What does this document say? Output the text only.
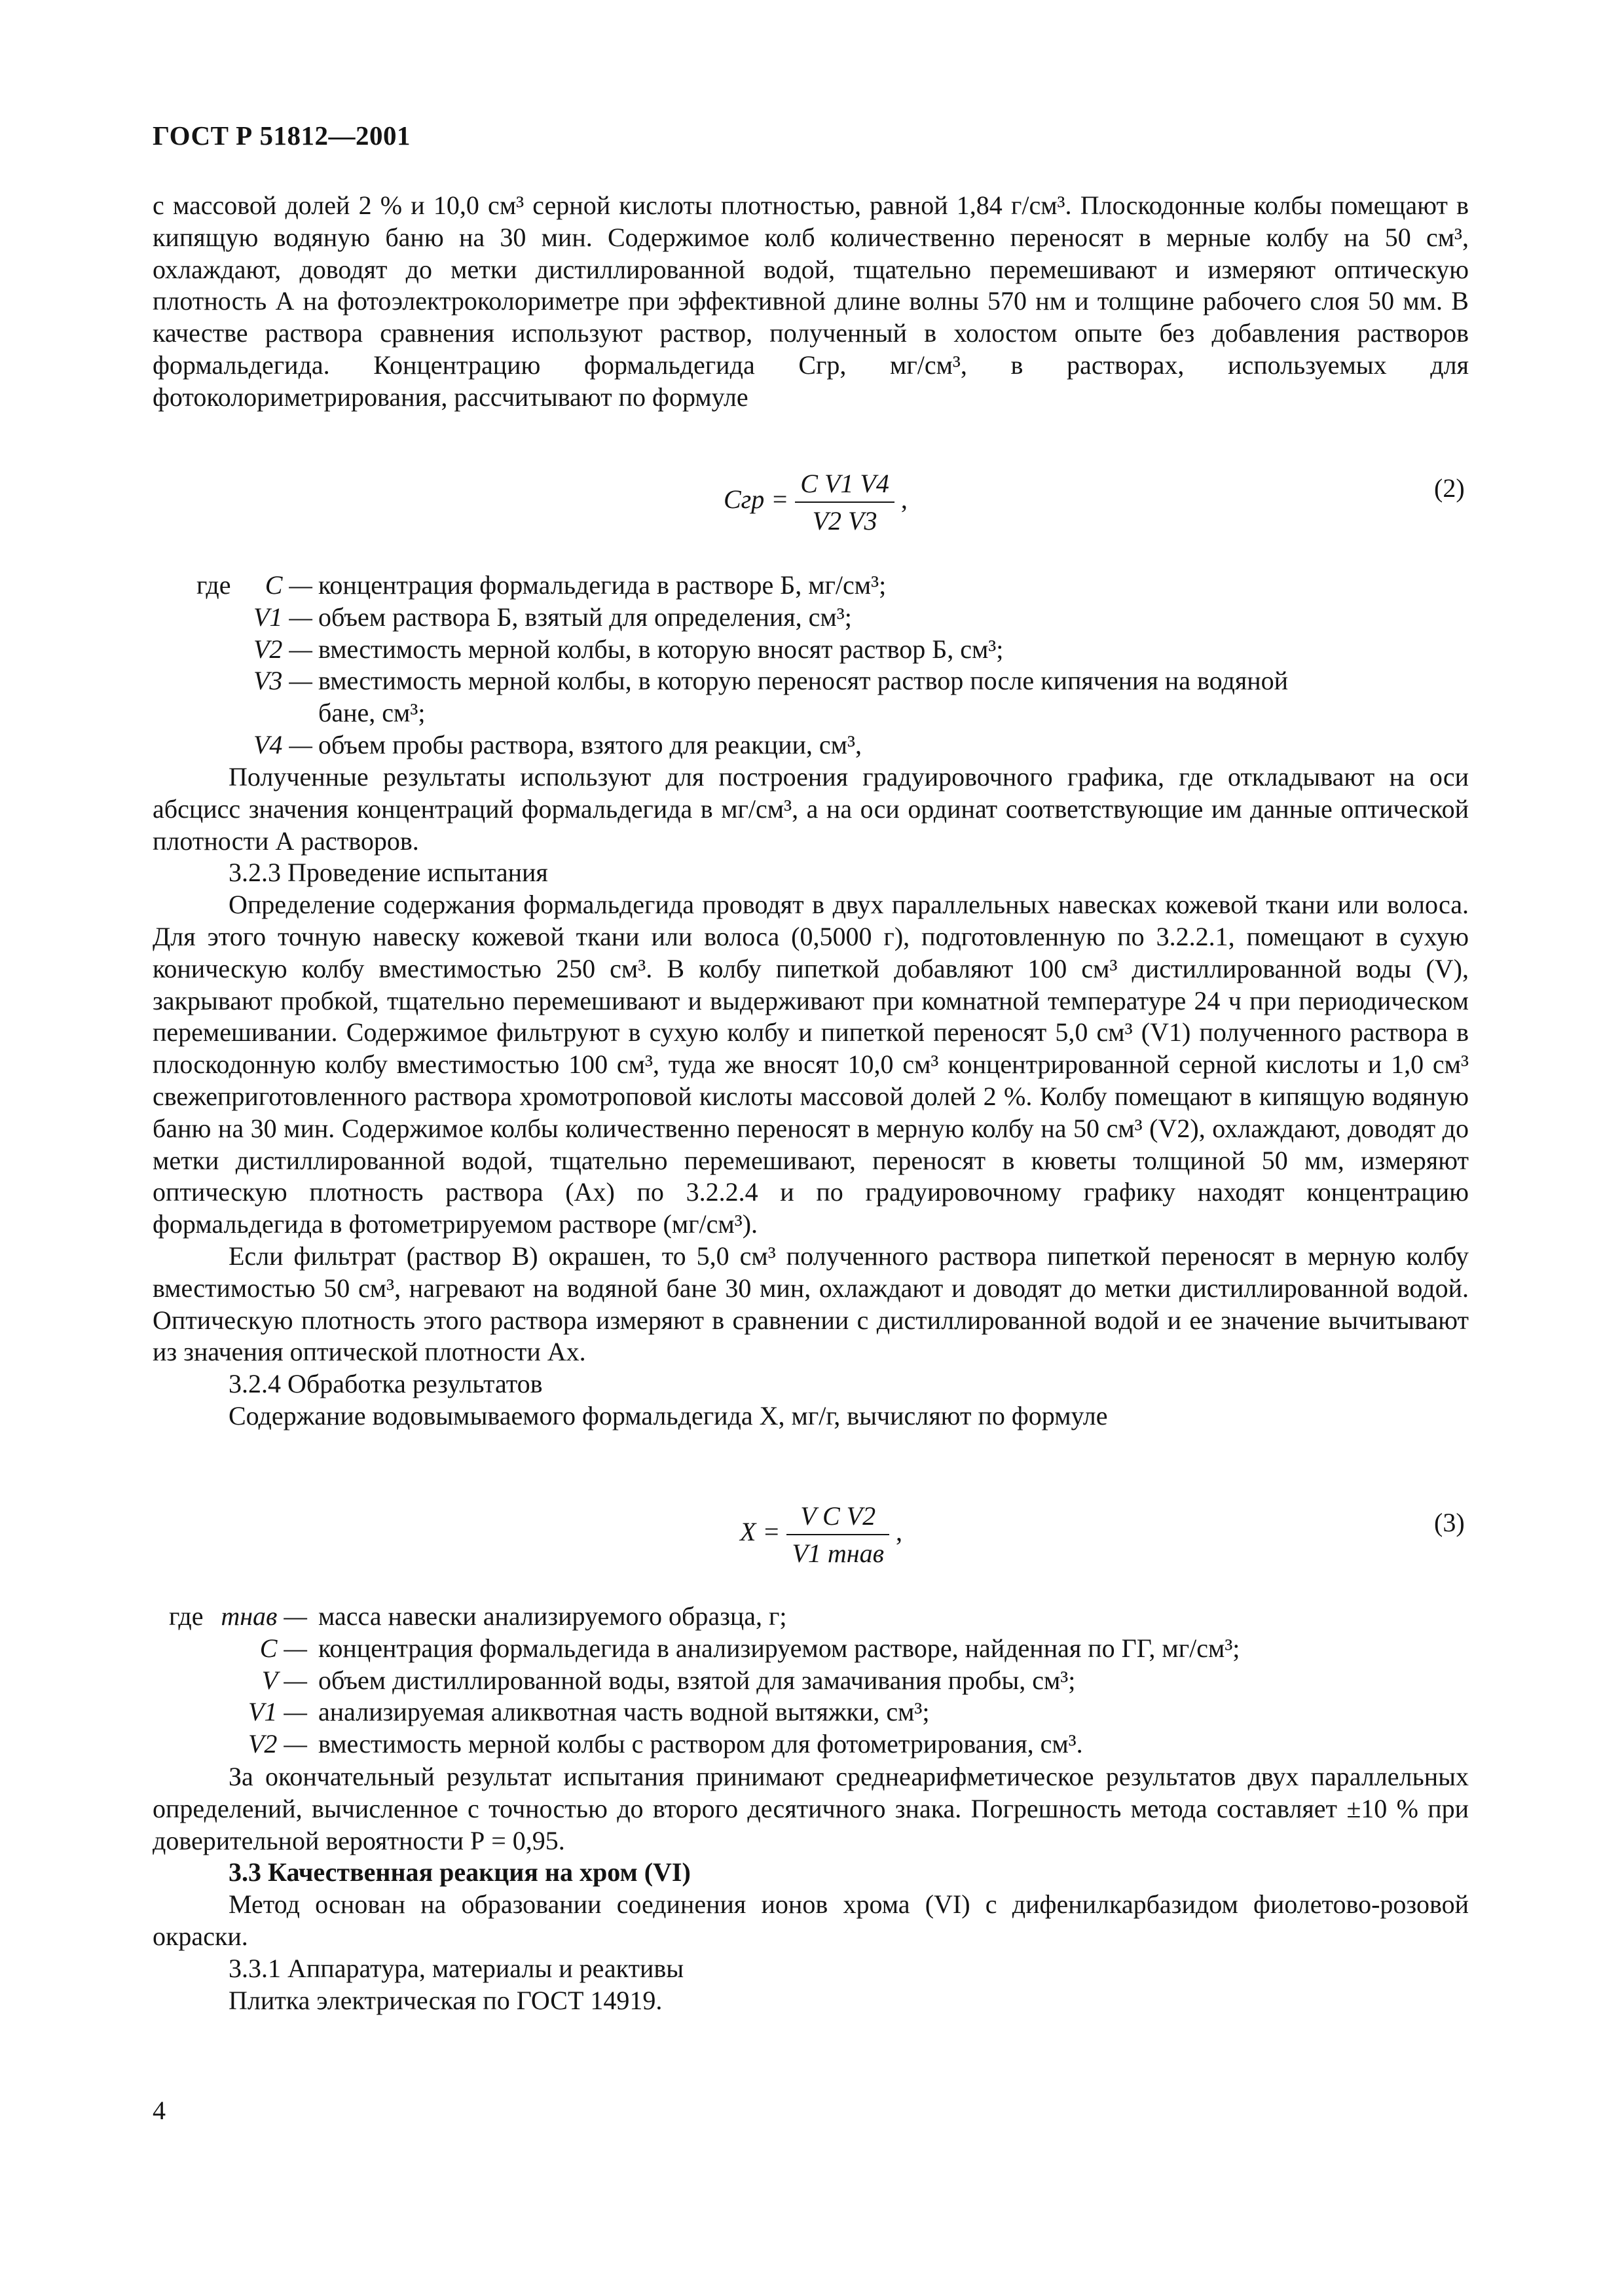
ГОСТ Р 51812—2001
с массовой долей 2 % и 10,0 см³ серной кислоты плотностью, равной 1,84 г/см³. Плоскодонные колбы помещают в кипящую водяную баню на 30 мин. Содержимое колб количественно переносят в мерные колбу на 50 см³, охлаждают, доводят до метки дистиллированной водой, тщательно перемешивают и измеряют оптическую плотность А на фотоэлектроколориметре при эффективной длине волны 570 нм и толщине рабочего слоя 50 мм. В качестве раствора сравнения используют раствор, полученный в холостом опыте без добавления растворов формальдегида. Концентрацию формальдегида Сгр, мг/см³, в растворах, используемых для фотоколориметрирования, рассчитывают по формуле
Cгр = $\frac{\text{C V1 V4}}{V2 V3}$ ,	(2)
где C — концентрация формальдегида в растворе Б, мг/см³;
V1 — объем раствора Б, взятый для определения, см³;
V2 — вместимость мерной колбы, в которую вносят раствор Б, см³;
V3 — вместимость мерной колбы, в которую переносят раствор после кипячения на водяной
бане, см³;
V4 — объем пробы раствора, взятого для реакции, см³,
Полученные результаты используют для построения градуировочного графика, где откладывают на оси абсцисс значения концентраций формальдегида в мг/см³, а на оси ординат соответствующие им данные оптической плотности А растворов.
3.2.3 Проведение испытания
Определение содержания формальдегида проводят в двух параллельных навесках кожевой ткани или волоса. Для этого точную навеску кожевой ткани или волоса (0,5000 г), подготовленную по 3.2.2.1, помещают в сухую коническую колбу вместимостью 250 см³. В колбу пипеткой добавляют 100 см³ дистиллированной воды (V), закрывают пробкой, тщательно перемешивают и выдерживают при комнатной температуре 24 ч при периодическом перемешивании. Содержимое фильтруют в сухую колбу и пипеткой переносят 5,0 см³ (V1) полученного раствора в плоскодонную колбу вместимостью 100 см³, туда же вносят 10,0 см³ концентрированной серной кислоты и 1,0 см³ свежеприготовленного раствора хромотроповой кислоты массовой долей 2 %. Колбу помещают в кипящую водяную баню на 30 мин. Содержимое колбы количественно переносят в мерную колбу на 50 см³ (V2), охлаждают, доводят до метки дистиллированной водой, тщательно перемешивают, переносят в кюветы толщиной 50 мм, измеряют оптическую плотность раствора (Аx) по 3.2.2.4 и по градуировочному графику находят концентрацию формальдегида в фотометрируемом растворе (мг/см³).
Если фильтрат (раствор В) окрашен, то 5,0 см³ полученного раствора пипеткой переносят в мерную колбу вместимостью 50 см³, нагревают на водяной бане 30 мин, охлаждают и доводят до метки дистиллированной водой. Оптическую плотность этого раствора измеряют в сравнении с дистиллированной водой и ее значение вычитывают из значения оптической плотности Аx.
3.2.4 Обработка результатов
Содержание водовымываемого формальдегида X, мг/г, вычисляют по формуле
$X = \frac{\text{V C V2}}{\text{V1 mнав}}$ ,	(3)
где mнав — масса навески анализируемого образца, г;
C — концентрация формальдегида в анализируемом растворе, найденная по ГГ, мг/см³;
V — объем дистиллированной воды, взятой для замачивания пробы, см³;
V1 — анализируемая аликвотная часть водной вытяжки, см³;
V2 — вместимость мерной колбы с раствором для фотометрирования, см³.
За окончательный результат испытания принимают среднеарифметическое результатов двух параллельных определений, вычисленное с точностью до второго десятичного знака. Погрешность метода составляет ±10 % при доверительной вероятности Р = 0,95.
3.3 Качественная реакция на хром (VI)
Метод основан на образовании соединения ионов хрома (VI) с дифенилкарбазидом фиолетово-розовой окраски.
3.3.1 Аппаратура, материалы и реактивы
Плитка электрическая по ГОСТ 14919.
4
